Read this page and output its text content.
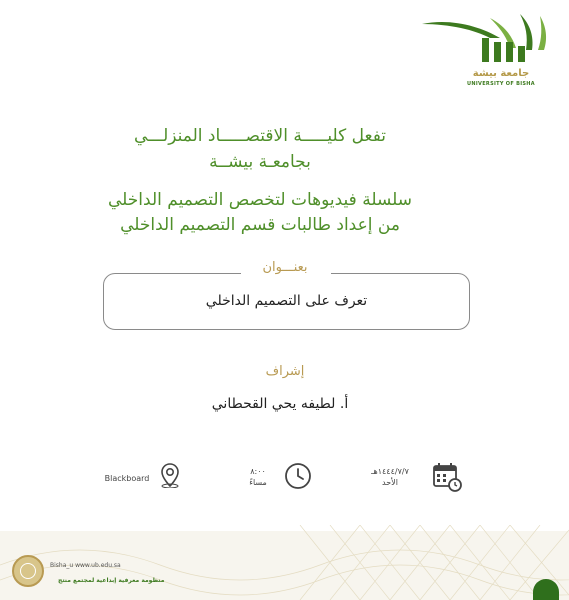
جامعة بيشة
UNIVERSITY OF BISHA
تفعل كليـــــة الاقتصـــــاد المنزلـــي
بجامعـة بيشــة
سلسلة فيديوهات لتخصص التصميم الداخلي
من إعداد طالبات قسم التصميم الداخلي
تعرف على التصميم الداخلي
بعنـــوان
إشراف
أ. لطيفه يحي القحطاني
Blackboard
٨:٠٠
مساءً
١٤٤٤/٧/٧هـ
الأحد
Bisha_u www.ub.edu.sa
منظومة معرفية إبداعية لمجتمع منتج
